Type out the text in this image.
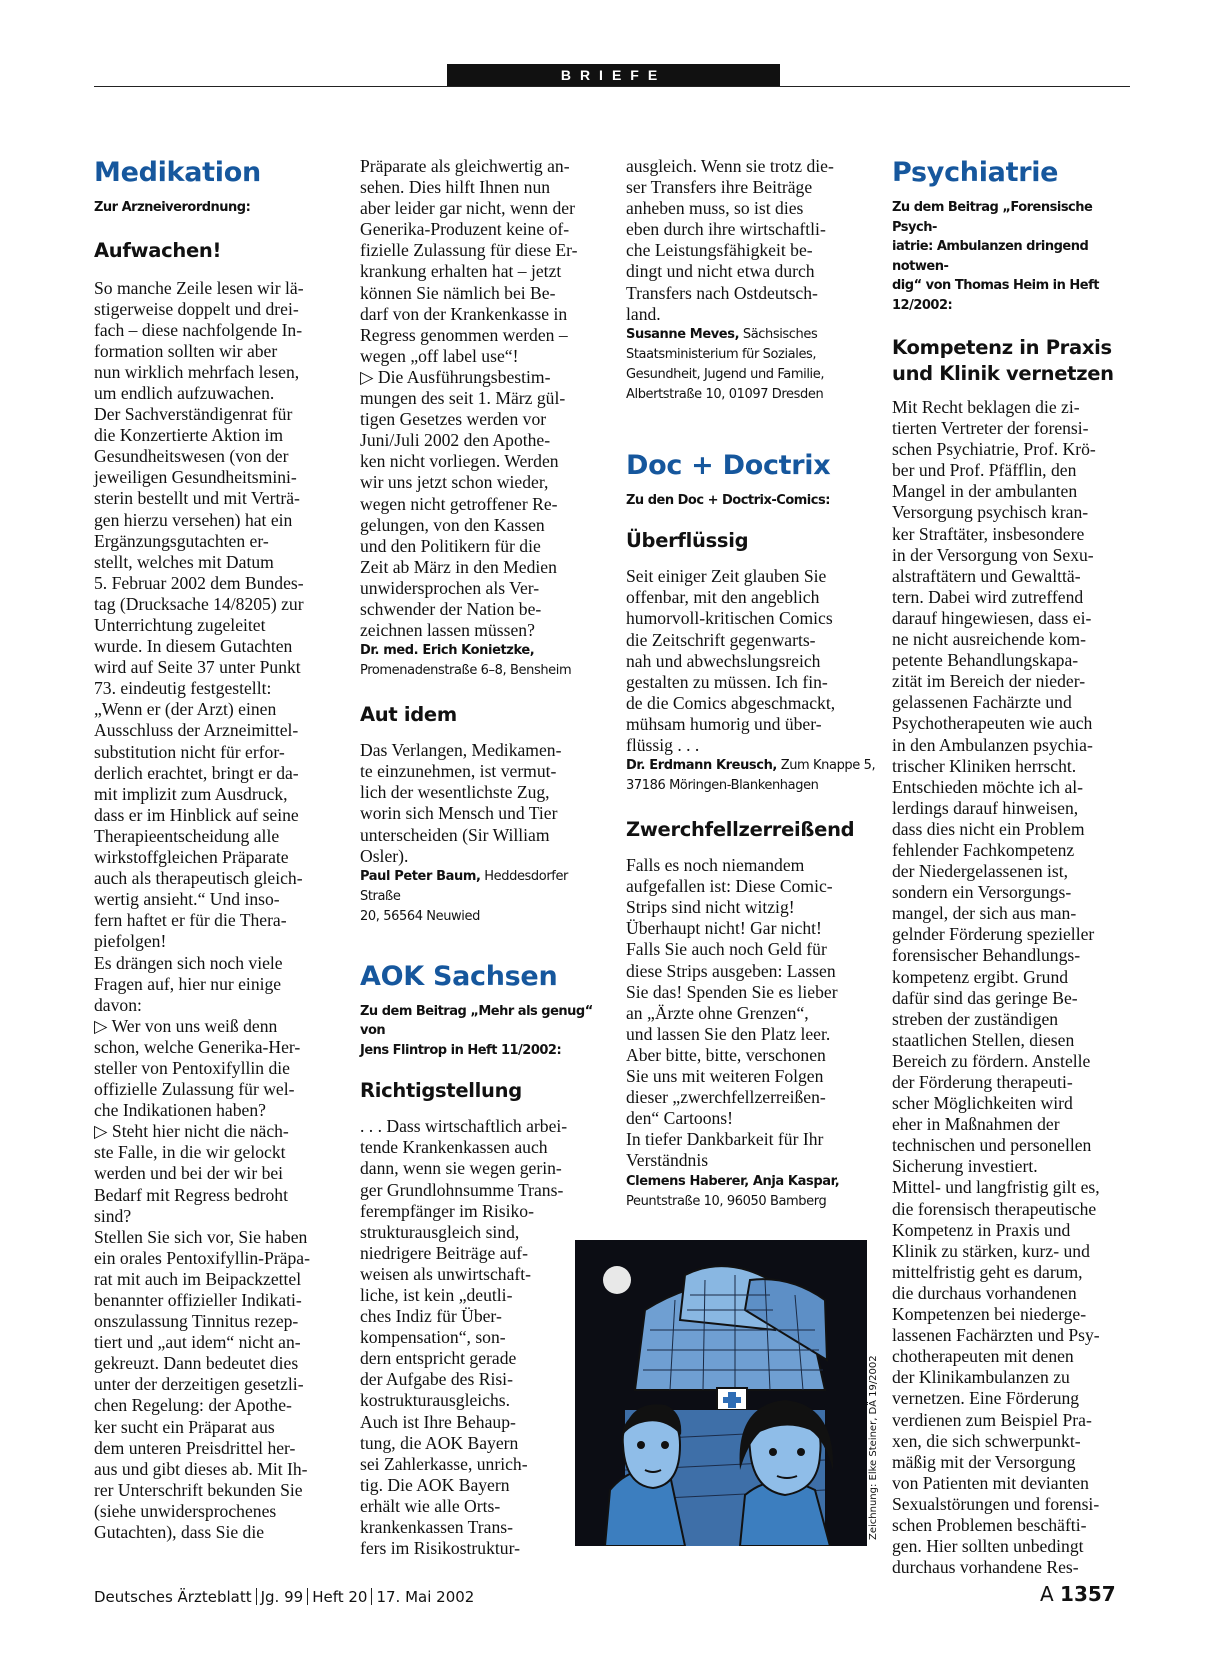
BRIEFE
Medikation

Zur Arzneiverordnung:

Aufwachen!

So manche Zeile lesen wir lä-
stigerweise doppelt und drei-
fach – diese nachfolgende In-
formation sollten wir aber
nun wirklich mehrfach lesen,
um endlich aufzuwachen.
Der Sachverständigenrat für
die Konzertierte Aktion im
Gesundheitswesen (von der
jeweiligen Gesundheitsmini-
sterin bestellt und mit Verträ-
gen hierzu versehen) hat ein
Ergänzungsgutachten er-
stellt, welches mit Datum
5. Februar 2002 dem Bundes-
tag (Drucksache 14/8205) zur
Unterrichtung zugeleitet
wurde. In diesem Gutachten
wird auf Seite 37 unter Punkt
73. eindeutig festgestellt:
„Wenn er (der Arzt) einen
Ausschluss der Arzneimittel-
substitution nicht für erfor-
derlich erachtet, bringt er da-
mit implizit zum Ausdruck,
dass er im Hinblick auf seine
Therapieentscheidung alle
wirkstoffgleichen Präparate
auch als therapeutisch gleich-
wertig ansieht.“ Und inso-
fern haftet er für die Thera-
piefolgen!
Es drängen sich noch viele
Fragen auf, hier nur einige
davon:
▷ Wer von uns weiß denn
schon, welche Generika-Her-
steller von Pentoxifyllin die
offizielle Zulassung für wel-
che Indikationen haben?
▷ Steht hier nicht die näch-
ste Falle, in die wir gelockt
werden und bei der wir bei
Bedarf mit Regress bedroht
sind?
Stellen Sie sich vor, Sie haben
ein orales Pentoxifyllin-Präpa-
rat mit auch im Beipackzettel
benannter offizieller Indikati-
onszulassung Tinnitus rezep-
tiert und „aut idem“ nicht an-
gekreuzt. Dann bedeutet dies
unter der derzeitigen gesetzli-
chen Regelung: der Apothe-
ker sucht ein Präparat aus
dem unteren Preisdrittel her-
aus und gibt dieses ab. Mit Ih-
rer Unterschrift bekunden Sie
(siehe unwidersprochenes
Gutachten), dass Sie die

Präparate als gleichwertig an-
sehen. Dies hilft Ihnen nun
aber leider gar nicht, wenn der
Generika-Produzent keine of-
fizielle Zulassung für diese Er-
krankung erhalten hat – jetzt
können Sie nämlich bei Be-
darf von der Krankenkasse in
Regress genommen werden –
wegen „off label use“!
▷ Die Ausführungsbestim-
mungen des seit 1. März gül-
tigen Gesetzes werden vor
Juni/Juli 2002 den Apothe-
ken nicht vorliegen. Werden
wir uns jetzt schon wieder,
wegen nicht getroffener Re-
gelungen, von den Kassen
und den Politikern für die
Zeit ab März in den Medien
unwidersprochen als Ver-
schwender der Nation be-
zeichnen lassen müssen?

Dr. med. Erich Konietzke,

Promenadenstraße 6–8, Bensheim

Aut idem

Das Verlangen, Medikamen-
te einzunehmen, ist vermut-
lich der wesentlichste Zug,
worin sich Mensch und Tier
unterscheiden (Sir William
Osler).

Paul Peter Baum, Heddesdorfer Straße

20, 56564 Neuwied

AOK Sachsen

Zu dem Beitrag „Mehr als genug“ von
Jens Flintrop in Heft 11/2002:

Richtigstellung

. . . Dass wirtschaftlich arbei-
tende Krankenkassen auch
dann, wenn sie wegen gerin-
ger Grundlohnsumme Trans-
ferempfänger im Risiko-
strukturausgleich sind,
niedrigere Beiträge auf-
weisen als unwirtschaft-
liche, ist kein „deutli-
ches Indiz für Über-
kompensation“, son-
dern entspricht gerade
der Aufgabe des Risi-
kostrukturausgleichs.
Auch ist Ihre Behaup-
tung, die AOK Bayern
sei Zahlerkasse, unrich-
tig. Die AOK Bayern
erhält wie alle Orts-
krankenkassen Trans-
fers im Risikostruktur-

ausgleich. Wenn sie trotz die-
ser Transfers ihre Beiträge
anheben muss, so ist dies
eben durch ihre wirtschaftli-
che Leistungsfähigkeit be-
dingt und nicht etwa durch
Transfers nach Ostdeutsch-
land.

Susanne Meves, Sächsisches

Staatsministerium für Soziales,
Gesundheit, Jugend und Familie,
Albertstraße 10, 01097 Dresden

Doc + Doctrix

Zu den Doc + Doctrix-Comics:

Überflüssig

Seit einiger Zeit glauben Sie
offenbar, mit den angeblich
humorvoll-kritischen Comics
die Zeitschrift gegenwarts-
nah und abwechslungsreich
gestalten zu müssen. Ich fin-
de die Comics abgeschmackt,
mühsam humorig und über-
flüssig . . .

Dr. Erdmann Kreusch, Zum Knappe 5,

37186 Möringen-Blankenhagen

Zwerchfellzerreißend

Falls es noch niemandem
aufgefallen ist: Diese Comic-
Strips sind nicht witzig!
Überhaupt nicht! Gar nicht!
Falls Sie auch noch Geld für
diese Strips ausgeben: Lassen
Sie das! Spenden Sie es lieber
an „Ärzte ohne Grenzen“,
und lassen Sie den Platz leer.
Aber bitte, bitte, verschonen
Sie uns mit weiteren Folgen
dieser „zwerchfellzerreißen-
den“ Cartoons!
In tiefer Dankbarkeit für Ihr
Verständnis

Clemens Haberer, Anja Kaspar,

Peuntstraße 10, 96050 Bamberg

Zeichnung: Elke Steiner, DÄ 19/2002
Psychiatrie

Zu dem Beitrag „Forensische Psych-
iatrie: Ambulanzen dringend notwen-
dig“ von Thomas Heim in Heft
12/2002:

Kompetenz in Praxis
und Klinik vernetzen

Mit Recht beklagen die zi-
tierten Vertreter der forensi-
schen Psychiatrie, Prof. Krö-
ber und Prof. Pfäfflin, den
Mangel in der ambulanten
Versorgung psychisch kran-
ker Straftäter, insbesondere
in der Versorgung von Sexu-
alstraftätern und Gewalttä-
tern. Dabei wird zutreffend
darauf hingewiesen, dass ei-
ne nicht ausreichende kom-
petente Behandlungskapa-
zität im Bereich der nieder-
gelassenen Fachärzte und
Psychotherapeuten wie auch
in den Ambulanzen psychia-
trischer Kliniken herrscht.
Entschieden möchte ich al-
lerdings darauf hinweisen,
dass dies nicht ein Problem
fehlender Fachkompetenz
der Niedergelassenen ist,
sondern ein Versorgungs-
mangel, der sich aus man-
gelnder Förderung spezieller
forensischer Behandlungs-
kompetenz ergibt. Grund
dafür sind das geringe Be-
streben der zuständigen
staatlichen Stellen, diesen
Bereich zu fördern. Anstelle
der Förderung therapeuti-
scher Möglichkeiten wird
eher in Maßnahmen der
technischen und personellen
Sicherung investiert.
Mittel- und langfristig gilt es,
die forensisch therapeutische
Kompetenz in Praxis und
Klinik zu stärken, kurz- und
mittelfristig geht es darum,
die durchaus vorhandenen
Kompetenzen bei niederge-
lassenen Fachärzten und Psy-
chotherapeuten mit denen
der Klinikambulanzen zu
vernetzen. Eine Förderung
verdienen zum Beispiel Pra-
xen, die sich schwerpunkt-
mäßig mit der Versorgung
von Patienten mit devianten
Sexualstörungen und forensi-
schen Problemen beschäfti-
gen. Hier sollten unbedingt
durchaus vorhandene Res-

Deutsches Ärzteblatt Jg. 99 Heft 20 17. Mai 2002	A 1357
